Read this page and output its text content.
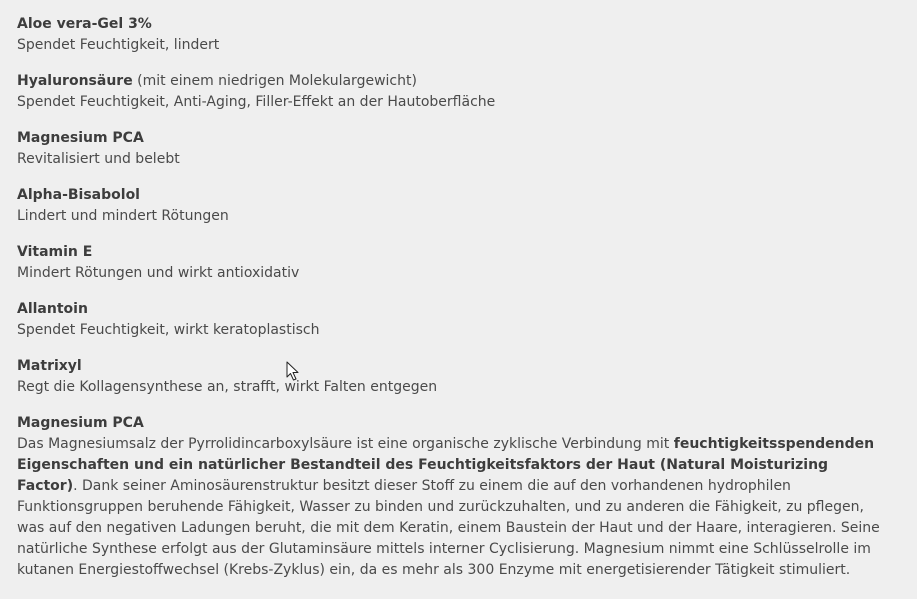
Aloe vera-Gel 3%
Spendet Feuchtigkeit, lindert
Hyaluronsäure (mit einem niedrigen Molekulargewicht)
Spendet Feuchtigkeit, Anti-Aging, Filler-Effekt an der Hautoberfläche
Magnesium PCA
Revitalisiert und belebt
Alpha-Bisabolol
Lindert und mindert Rötungen
Vitamin E
Mindert Rötungen und wirkt antioxidativ
Allantoin
Spendet Feuchtigkeit, wirkt keratoplastisch
Matrixyl
Regt die Kollagensynthese an, strafft, wirkt Falten entgegen
Magnesium PCA

Das Magnesiumsalz der Pyrrolidincarboxylsäure ist eine organische zyklische Verbindung mit feuchtigkeitsspendenden Eigenschaften und ein natürlicher Bestandteil des Feuchtigkeitsfaktors der Haut (Natural Moisturizing Factor). Dank seiner Aminosäurenstruktur besitzt dieser Stoff zu einem die auf den vorhandenen hydrophilen Funktionsgruppen beruhende Fähigkeit, Wasser zu binden und zurückzuhalten, und zu anderen die Fähigkeit, zu pflegen, was auf den negativen Ladungen beruht, die mit dem Keratin, einem Baustein der Haut und der Haare, interagieren. Seine natürliche Synthese erfolgt aus der Glutaminsäure mittels interner Cyclisierung. Magnesium nimmt eine Schlüsselrolle im kutanen Energiestoffwechsel (Krebs-Zyklus) ein, da es mehr als 300 Enzyme mit energetisierender Tätigkeit stimuliert.
